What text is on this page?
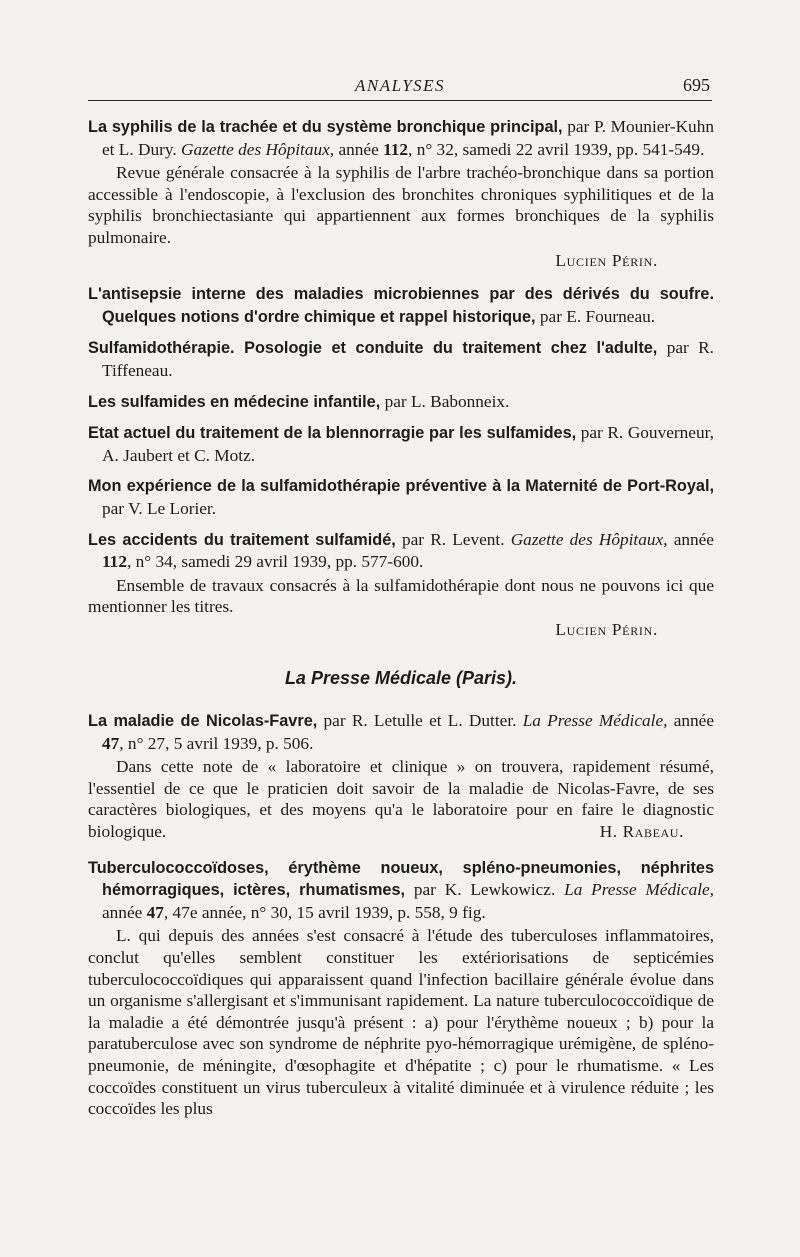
ANALYSES	695

La syphilis de la trachée et du système bronchique principal, par P. Mounier-Kuhn et L. Dury. Gazette des Hôpitaux, année 112, n° 32, samedi 22 avril 1939, pp. 541-549.

Revue générale consacrée à la syphilis de l'arbre trachéo-bronchique dans sa portion accessible à l'endoscopie, à l'exclusion des bronchites chroniques syphilitiques et de la syphilis bronchiectasiante qui appartiennent aux formes bronchiques de la syphilis pulmonaire.

Lucien Périn.

L'antisepsie interne des maladies microbiennes par des dérivés du soufre. Quelques notions d'ordre chimique et rappel historique, par E. Fourneau.

Sulfamidothérapie. Posologie et conduite du traitement chez l'adulte, par R. Tiffeneau.

Les sulfamides en médecine infantile, par L. Babonneix.

Etat actuel du traitement de la blennorragie par les sulfamides, par R. Gouverneur, A. Jaubert et C. Motz.

Mon expérience de la sulfamidothérapie préventive à la Maternité de Port-Royal, par V. Le Lorier.

Les accidents du traitement sulfamidé, par R. Levent. Gazette des Hôpitaux, année 112, n° 34, samedi 29 avril 1939, pp. 577-600.

Ensemble de travaux consacrés à la sulfamidothérapie dont nous ne pouvons ici que mentionner les titres.

Lucien Périn.

La Presse Médicale (Paris).

La maladie de Nicolas-Favre, par R. Letulle et L. Dutter. La Presse Médicale, année 47, n° 27, 5 avril 1939, p. 506.

Dans cette note de « laboratoire et clinique » on trouvera, rapidement résumé, l'essentiel de ce que le praticien doit savoir de la maladie de Nicolas-Favre, de ses caractères biologiques, et des moyens qu'a le laboratoire pour en faire le diagnostic biologique.	H. Rabeau.

Tuberculococcoïdoses, érythème noueux, spléno-pneumonies, néphrites hémorragiques, ictères, rhumatismes, par K. Lewkowicz. La Presse Médicale, année 47, 47e année, n° 30, 15 avril 1939, p. 558, 9 fig.

L. qui depuis des années s'est consacré à l'étude des tuberculoses inflammatoires, conclut qu'elles semblent constituer les extériorisations de septicémies tuberculococcoïdiques qui apparaissent quand l'infection bacillaire générale évolue dans un organisme s'allergisant et s'immunisant rapidement. La nature tuberculococcoïdique de la maladie a été démontrée jusqu'à présent : a) pour l'érythème noueux ; b) pour la paratuberculose avec son syndrome de néphrite pyo-hémorragique urémigène, de spléno-pneumonie, de méningite, d'œsophagite et d'hépatite ; c) pour le rhumatisme. « Les coccoïdes constituent un virus tuberculeux à vitalité diminuée et à virulence réduite ; les coccoïdes les plus
